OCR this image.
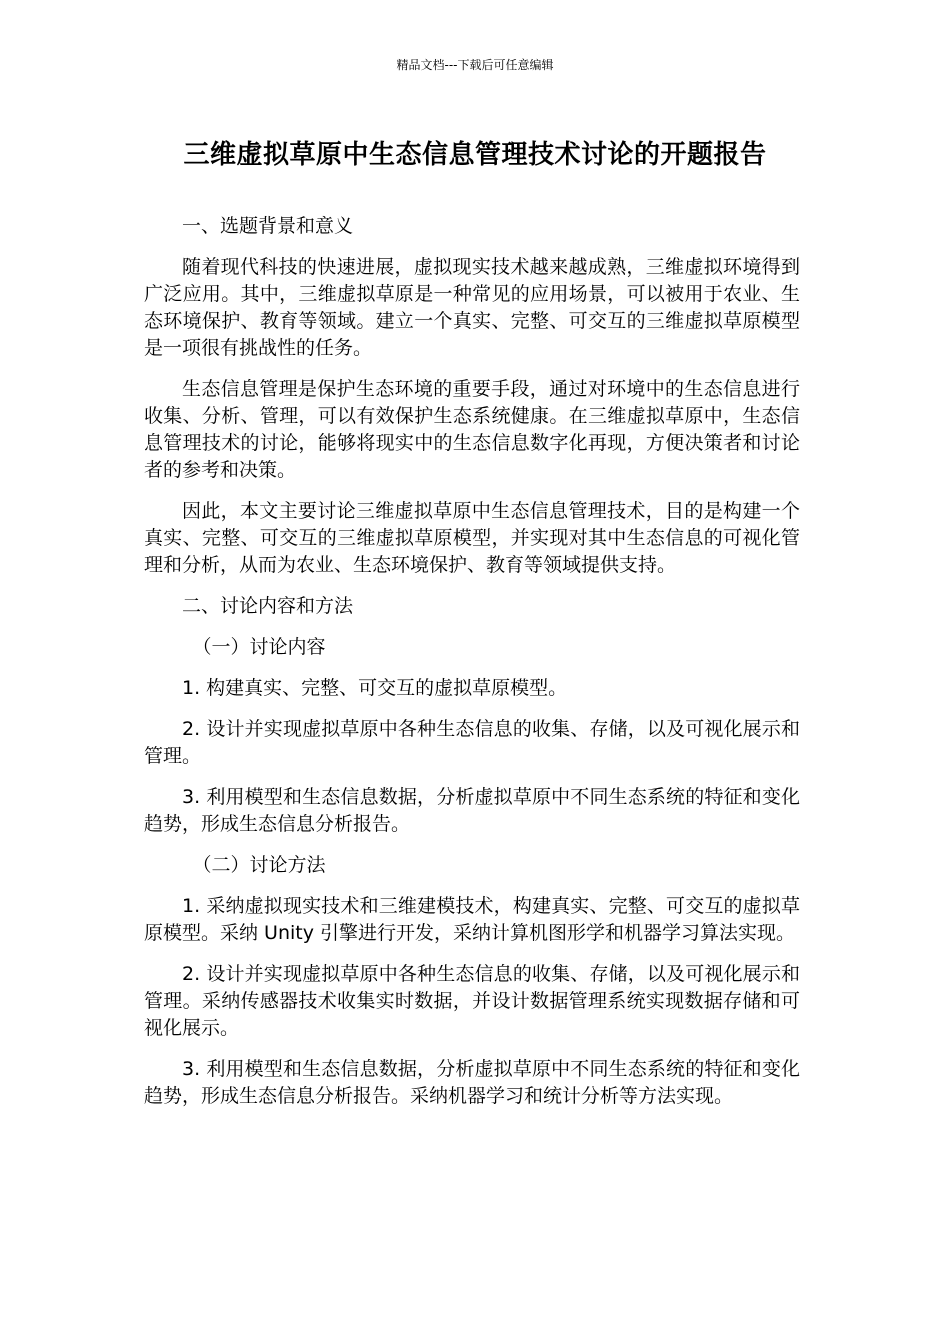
精品文档---下载后可任意编辑
三维虚拟草原中生态信息管理技术讨论的开题报告

一、选题背景和意义

随着现代科技的快速进展，虚拟现实技术越来越成熟，三维虚拟环境得到广泛应用。其中，三维虚拟草原是一种常见的应用场景，可以被用于农业、生态环境保护、教育等领域。建立一个真实、完整、可交互的三维虚拟草原模型是一项很有挑战性的任务。

生态信息管理是保护生态环境的重要手段，通过对环境中的生态信息进行收集、分析、管理，可以有效保护生态系统健康。在三维虚拟草原中，生态信息管理技术的讨论，能够将现实中的生态信息数字化再现，方便决策者和讨论者的参考和决策。

因此，本文主要讨论三维虚拟草原中生态信息管理技术，目的是构建一个真实、完整、可交互的三维虚拟草原模型，并实现对其中生态信息的可视化管理和分析，从而为农业、生态环境保护、教育等领域提供支持。

二、讨论内容和方法

（一）讨论内容

1. 构建真实、完整、可交互的虚拟草原模型。

2. 设计并实现虚拟草原中各种生态信息的收集、存储，以及可视化展示和管理。

3. 利用模型和生态信息数据，分析虚拟草原中不同生态系统的特征和变化趋势，形成生态信息分析报告。

（二）讨论方法

1. 采纳虚拟现实技术和三维建模技术，构建真实、完整、可交互的虚拟草原模型。采纳 Unity 引擎进行开发，采纳计算机图形学和机器学习算法实现。

2. 设计并实现虚拟草原中各种生态信息的收集、存储，以及可视化展示和管理。采纳传感器技术收集实时数据，并设计数据管理系统实现数据存储和可视化展示。

3. 利用模型和生态信息数据，分析虚拟草原中不同生态系统的特征和变化趋势，形成生态信息分析报告。采纳机器学习和统计分析等方法实现。
